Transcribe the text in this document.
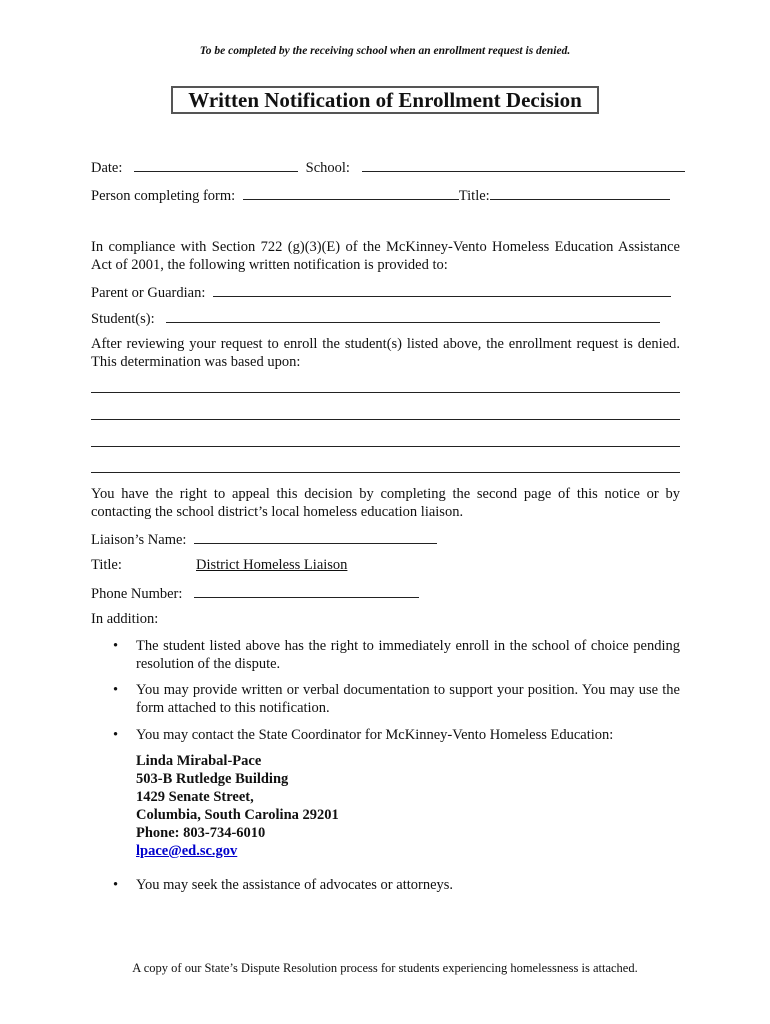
To be completed by the receiving school when an enrollment request is denied.
Written Notification of Enrollment Decision
Date:	School:
Person completing form:	Title:
In compliance with Section 722 (g)(3)(E) of the McKinney-Vento Homeless Education Assistance Act of 2001, the following written notification is provided to:
Parent or Guardian:
Student(s):
After reviewing your request to enroll the student(s) listed above, the enrollment request is denied. This determination was based upon:
You have the right to appeal this decision by completing the second page of this notice or by contacting the school district’s local homeless education liaison.
Liaison’s Name:
Title:	District Homeless Liaison
Phone Number:
In addition:
•	The student listed above has the right to immediately enroll in the school of choice pending resolution of the dispute.
•	You may provide written or verbal documentation to support your position. You may use the form attached to this notification.
•	You may contact the State Coordinator for McKinney-Vento Homeless Education:
Linda Mirabal-Pace
503-B Rutledge Building
1429 Senate Street,
Columbia, South Carolina 29201
Phone: 803-734-6010
lpace@ed.sc.gov
•	You may seek the assistance of advocates or attorneys.
A copy of our State’s Dispute Resolution process for students experiencing homelessness is attached.
